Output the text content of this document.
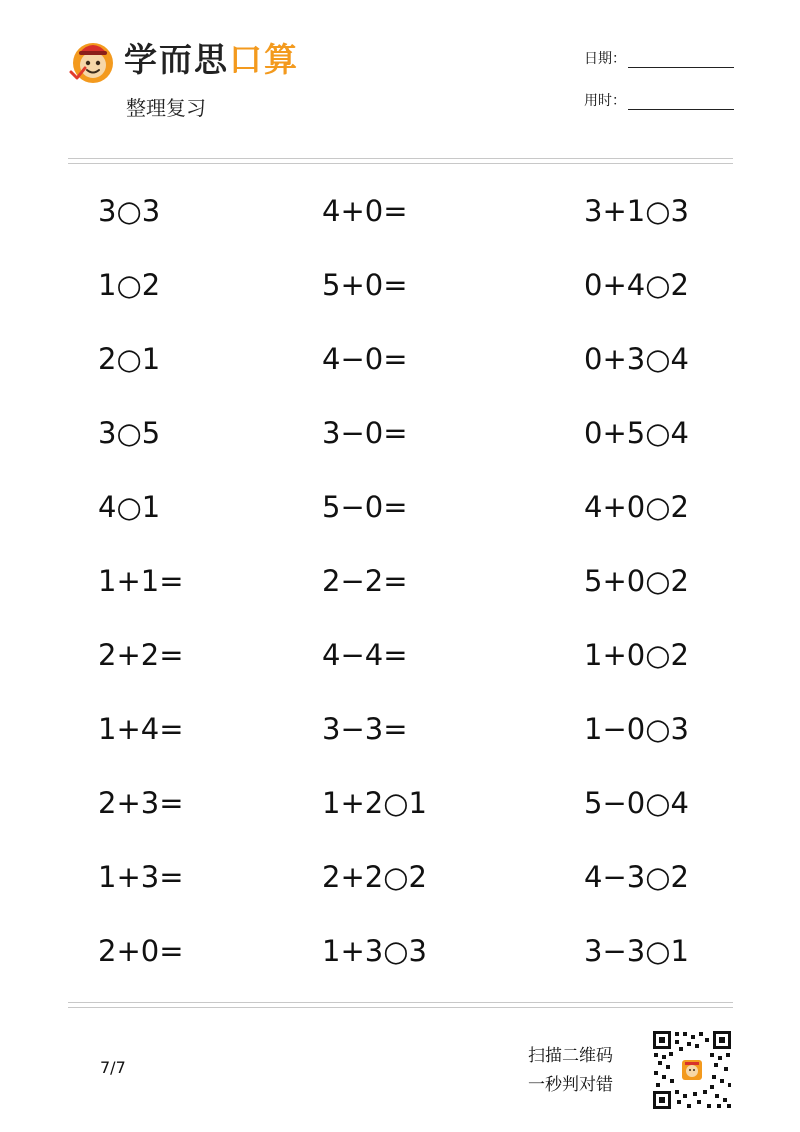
学而思口算
整理复习
日期：
用时：
3○3
1○2
2○1
3○5
4○1
1+1=
2+2=
1+4=
2+3=
1+3=
2+0=
4+0=
5+0=
4−0=
3−0=
5−0=
2−2=
4−4=
3−3=
1+2○1
2+2○2
1+3○3
3+1○3
0+4○2
0+3○4
0+5○4
4+0○2
5+0○2
1+0○2
1−0○3
5−0○4
4−3○2
3−3○1
7/7
扫描二维码
一秒判对错
